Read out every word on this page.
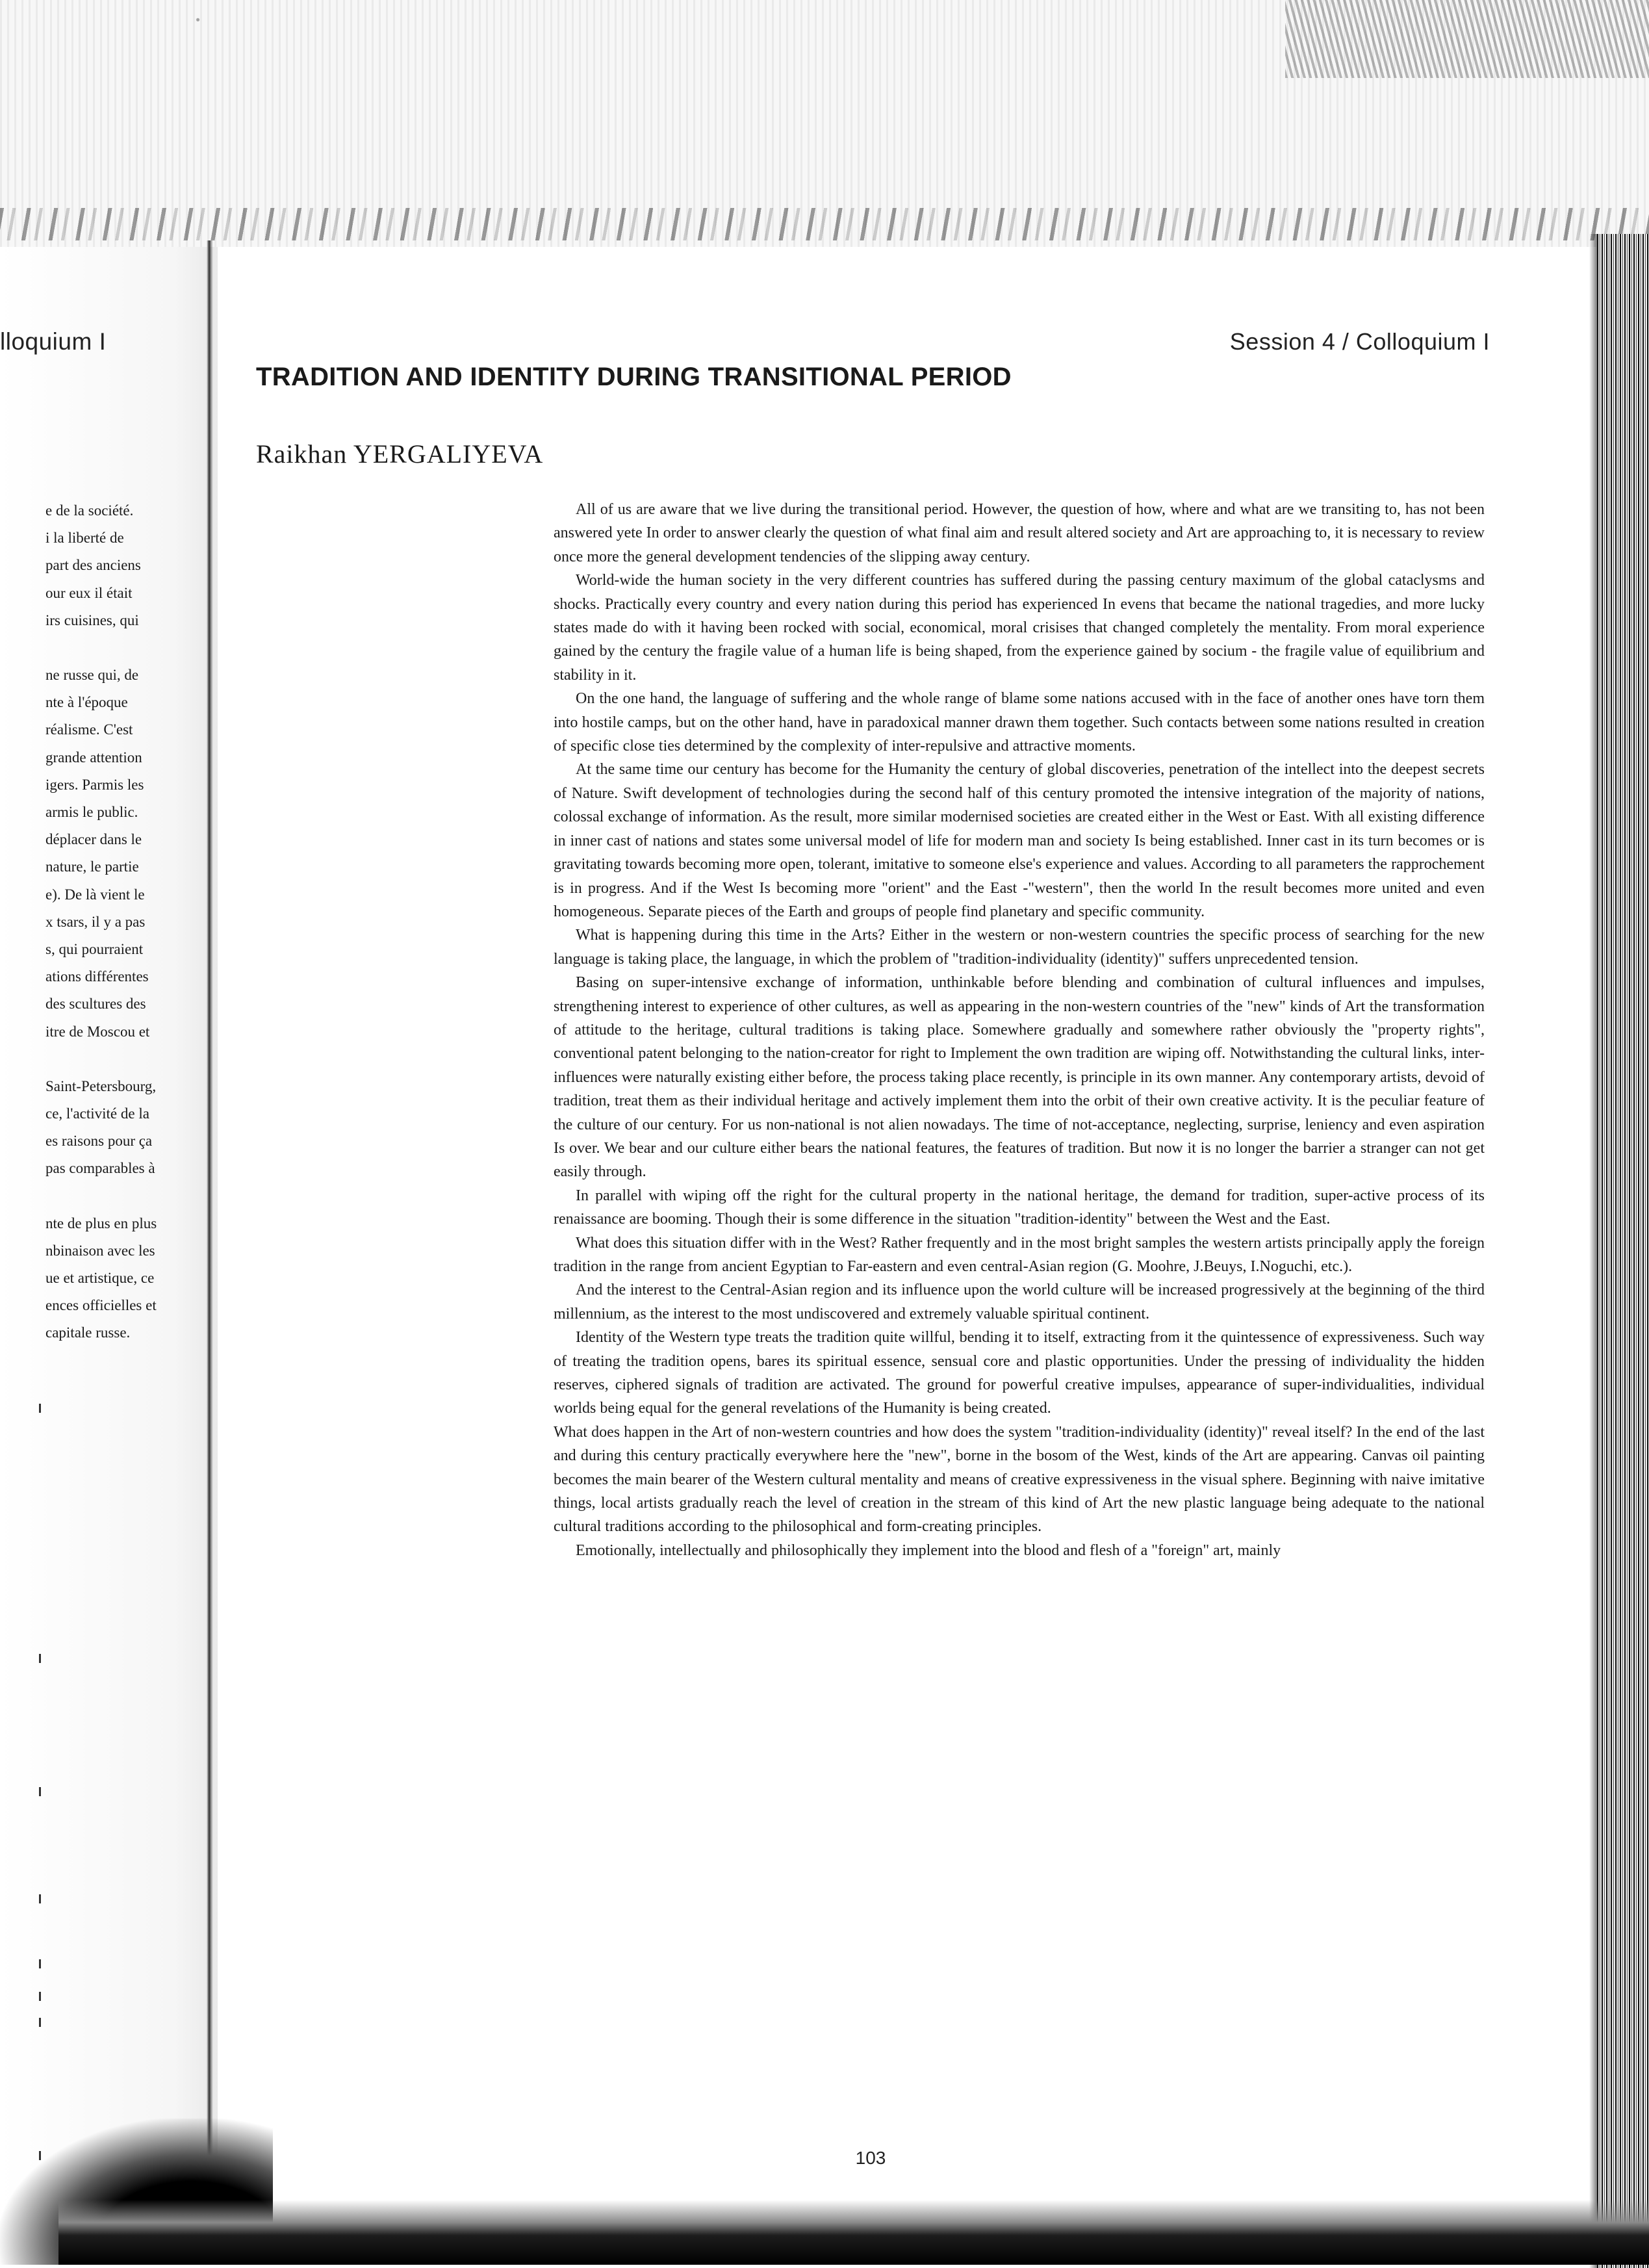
lloquium I
e de la société.
i la liberté de
part des anciens
our eux il était
irs cuisines, qui
ne russe qui, de
nte à l'époque
réalisme. C'est
grande attention
igers. Parmis les
armis le public.
déplacer dans le
nature, le partie
e). De là vient le
x tsars, il y a pas
s, qui pourraient
ations différentes
des scultures des
itre de Moscou et
Saint-Petersbourg,
ce, l'activité de la
es raisons pour ça
pas comparables à
nte de plus en plus
nbinaison avec les
ue et artistique, ce
ences officielles et
capitale russe.
Session 4 / Colloquium I
TRADITION AND IDENTITY DURING TRANSITIONAL PERIOD
Raikhan YERGALIYEVA

All of us are aware that we live during the transitional period. However, the question of how, where and what are we transiting to, has not been answered yete In order to answer clearly the question of what final aim and result altered society and Art are approaching to, it is necessary to review once more the general development tendencies of the slipping away century.

World-wide the human society in the very different countries has suffered during the passing century maximum of the global cataclysms and shocks. Practically every country and every nation during this period has experienced In evens that became the national tragedies, and more lucky states made do with it having been rocked with social, economical, moral crisises that changed completely the mentality. From moral experience gained by the century the fragile value of a human life is being shaped, from the experience gained by socium - the fragile value of equilibrium and stability in it.

On the one hand, the language of suffering and the whole range of blame some nations accused with in the face of another ones have torn them into hostile camps, but on the other hand, have in paradoxical manner drawn them together. Such contacts between some nations resulted in creation of specific close ties determined by the complexity of inter-repulsive and attractive moments.

At the same time our century has become for the Humanity the century of global discoveries, penetration of the intellect into the deepest secrets of Nature. Swift development of technologies during the second half of this century promoted the intensive integration of the majority of nations, colossal exchange of information. As the result, more similar modernised societies are created either in the West or East. With all existing difference in inner cast of nations and states some universal model of life for modern man and society Is being established. Inner cast in its turn becomes or is gravitating towards becoming more open, tolerant, imitative to someone else's experience and values. According to all parameters the rapprochement is in progress. And if the West Is becoming more "orient" and the East -"western", then the world In the result becomes more united and even homogeneous. Separate pieces of the Earth and groups of people find planetary and specific community.

What is happening during this time in the Arts? Either in the western or non-western countries the specific process of searching for the new language is taking place, the language, in which the problem of "tradition-individuality (identity)" suffers unprecedented tension.

Basing on super-intensive exchange of information, unthinkable before blending and combination of cultural influences and impulses, strengthening interest to experience of other cultures, as well as appearing in the non-western countries of the "new" kinds of Art the transformation of attitude to the heritage, cultural traditions is taking place. Somewhere gradually and somewhere rather obviously the "property rights", conventional patent belonging to the nation-creator for right to Implement the own tradition are wiping off. Notwithstanding the cultural links, inter-influences were naturally existing either before, the process taking place recently, is principle in its own manner. Any contemporary artists, devoid of tradition, treat them as their individual heritage and actively implement them into the orbit of their own creative activity. It is the peculiar feature of the culture of our century. For us non-national is not alien nowadays. The time of not-acceptance, neglecting, surprise, leniency and even aspiration Is over. We bear and our culture either bears the national features, the features of tradition. But now it is no longer the barrier a stranger can not get easily through.

In parallel with wiping off the right for the cultural property in the national heritage, the demand for tradition, super-active process of its renaissance are booming. Though their is some difference in the situation "tradition-identity" between the West and the East.

What does this situation differ with in the West? Rather frequently and in the most bright samples the western artists principally apply the foreign tradition in the range from ancient Egyptian to Far-eastern and even central-Asian region (G. Moohre, J.Beuys, I.Noguchi, etc.).

And the interest to the Central-Asian region and its influence upon the world culture will be increased progressively at the beginning of the third millennium, as the interest to the most undiscovered and extremely valuable spiritual continent.

Identity of the Western type treats the tradition quite willful, bending it to itself, extracting from it the quintessence of expressiveness. Such way of treating the tradition opens, bares its spiritual essence, sensual core and plastic opportunities. Under the pressing of individuality the hidden reserves, ciphered signals of tradition are activated. The ground for powerful creative impulses, appearance of super-individualities, individual worlds being equal for the general revelations of the Humanity is being created.

What does happen in the Art of non-western countries and how does the system "tradition-individuality (identity)" reveal itself? In the end of the last and during this century practically everywhere here the "new", borne in the bosom of the West, kinds of the Art are appearing. Canvas oil painting becomes the main bearer of the Western cultural mentality and means of creative expressiveness in the visual sphere. Beginning with naive imitative things, local artists gradually reach the level of creation in the stream of this kind of Art the new plastic language being adequate to the national cultural traditions according to the philosophical and form-creating principles.

Emotionally, intellectually and philosophically they implement into the blood and flesh of a "foreign" art, mainly

103
